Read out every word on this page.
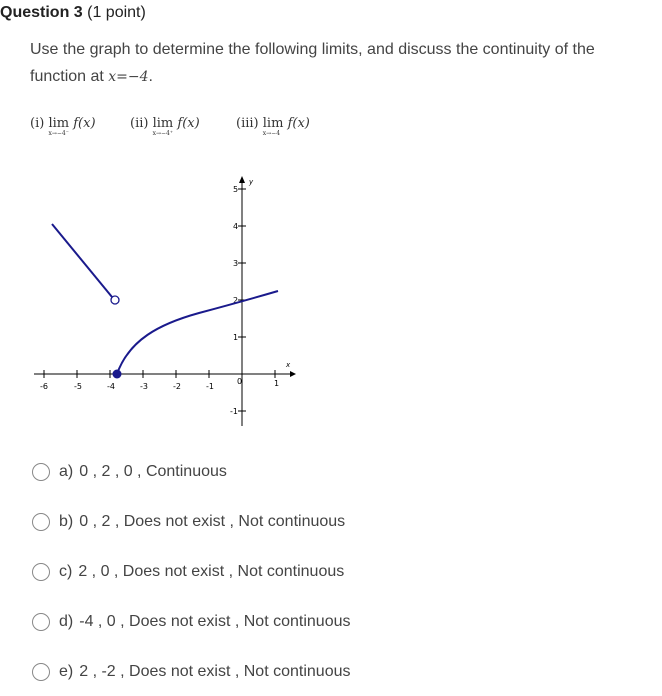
Question 3 (1 point)
Use the graph to determine the following limits, and discuss the continuity of the
function at x=−4.
(i) lim
x→−4⁻
f(x)	(ii) lim
x→−4⁺
f(x)	(iii) lim
x→−4
f(x)
-6	-5	-4	-3	-2	-1
0	1
5
4
3
2
1
-1
x
y
a) 0 , 2 , 0 , Continuous
b) 0 , 2 , Does not exist , Not continuous
c) 2 , 0 , Does not exist , Not continuous
d) -4 , 0 , Does not exist , Not continuous
e) 2 , -2 , Does not exist , Not continuous
